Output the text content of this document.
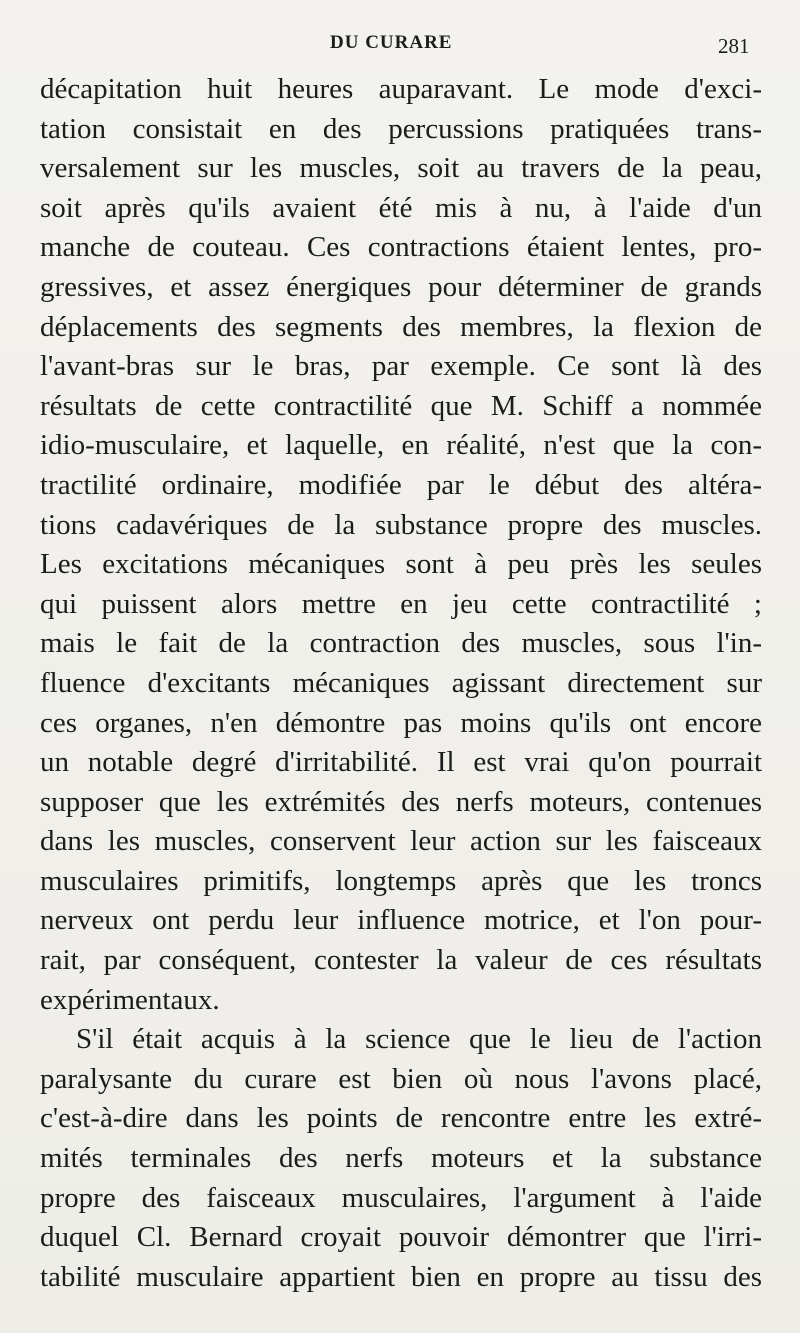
DU CURARE	281
décapitation huit heures auparavant. Le mode d'exci-
tation consistait en des percussions pratiquées trans-
versalement sur les muscles, soit au travers de la peau,
soit après qu'ils avaient été mis à nu, à l'aide d'un
manche de couteau. Ces contractions étaient lentes, pro-
gressives, et assez énergiques pour déterminer de grands
déplacements des segments des membres, la flexion de
l'avant-bras sur le bras, par exemple. Ce sont là des
résultats de cette contractilité que M. Schiff a nommée
idio-musculaire, et laquelle, en réalité, n'est que la con-
tractilité ordinaire, modifiée par le début des altéra-
tions cadavériques de la substance propre des muscles.
Les excitations mécaniques sont à peu près les seules
qui puissent alors mettre en jeu cette contractilité ;
mais le fait de la contraction des muscles, sous l'in-
fluence d'excitants mécaniques agissant directement sur
ces organes, n'en démontre pas moins qu'ils ont encore
un notable degré d'irritabilité. Il est vrai qu'on pourrait
supposer que les extrémités des nerfs moteurs, contenues
dans les muscles, conservent leur action sur les faisceaux
musculaires primitifs, longtemps après que les troncs
nerveux ont perdu leur influence motrice, et l'on pour-
rait, par conséquent, contester la valeur de ces résultats
expérimentaux.
S'il était acquis à la science que le lieu de l'action
paralysante du curare est bien où nous l'avons placé,
c'est-à-dire dans les points de rencontre entre les extré-
mités terminales des nerfs moteurs et la substance
propre des faisceaux musculaires, l'argument à l'aide
duquel Cl. Bernard croyait pouvoir démontrer que l'irri-
tabilité musculaire appartient bien en propre au tissu des
